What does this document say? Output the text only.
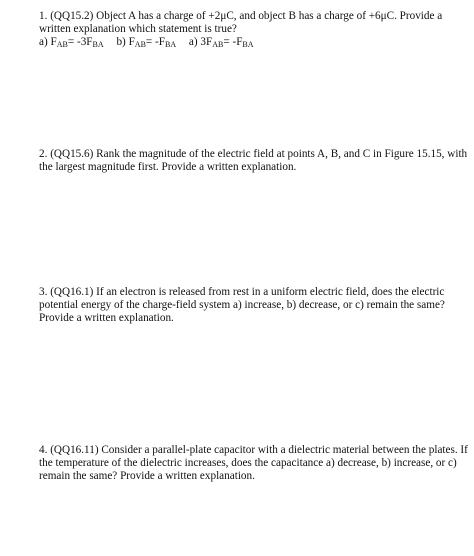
1. (QQ15.2) Object A has a charge of +2μC, and object B has a charge of +6μC. Provide a
written explanation which statement is true?
a) $F_{AB}= -3F_{BA}$ b) $F_{AB}= -F_{BA}$ a) $3F_{AB}= -F_{BA}$
2. (QQ15.6) Rank the magnitude of the electric field at points A, B, and C in Figure 15.15, with
the largest magnitude first. Provide a written explanation.
3. (QQ16.1) If an electron is released from rest in a uniform electric field, does the electric
potential energy of the charge-field system a) increase, b) decrease, or c) remain the same?
Provide a written explanation.
4. (QQ16.11) Consider a parallel-plate capacitor with a dielectric material between the plates. If
the temperature of the dielectric increases, does the capacitance a) decrease, b) increase, or c)
remain the same? Provide a written explanation.
